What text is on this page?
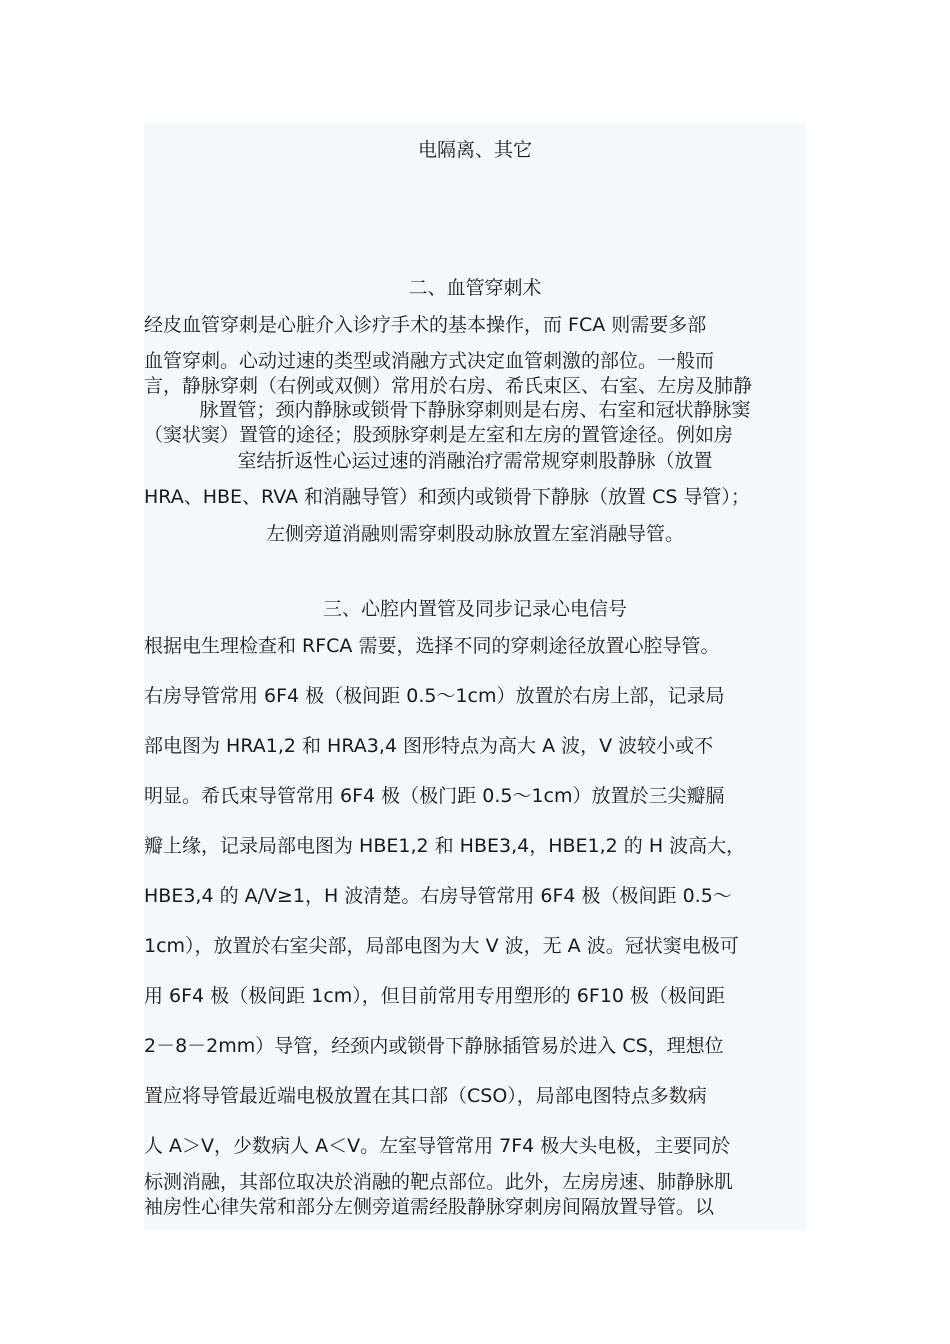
电隔离、其它
二、血管穿刺术
经皮血管穿刺是心脏介入诊疗手术的基本操作，而 FCA 则需要多部
血管穿刺。心动过速的类型或消融方式决定血管刺激的部位。一般而
言，静脉穿刺（右例或双侧）常用於右房、希氏束区、右室、左房及肺静
脉置管；颈内静脉或锁骨下静脉穿刺则是右房、右室和冠状静脉窦
（窦状窦）置管的途径；股颈脉穿刺是左室和左房的置管途径。例如房
室结折返性心运过速的消融治疗需常规穿刺股静脉（放置
HRA、HBE、RVA 和消融导管）和颈内或锁骨下静脉（放置 CS 导管）；
左侧旁道消融则需穿刺股动脉放置左室消融导管。
三、心腔内置管及同步记录心电信号
根据电生理检查和 RFCA 需要，选择不同的穿刺途径放置心腔导管。
右房导管常用 6F4 极（极间距 0.5～1cm）放置於右房上部，记录局
部电图为 HRA1,2 和 HRA3,4 图形特点为高大 A 波，V 波较小或不
明显。希氏束导管常用 6F4 极（极门距 0.5～1cm）放置於三尖瓣膈
瓣上缘，记录局部电图为 HBE1,2 和 HBE3,4，HBE1,2 的 H 波高大，
HBE3,4 的 A/V≥1，H 波清楚。右房导管常用 6F4 极（极间距 0.5～
1cm），放置於右室尖部，局部电图为大 V 波，无 A 波。冠状窦电极可
用 6F4 极（极间距 1cm），但目前常用专用塑形的 6F10 极（极间距
2－8－2mm）导管，经颈内或锁骨下静脉插管易於进入 CS，理想位
置应将导管最近端电极放置在其口部（CSO），局部电图特点多数病
人 A＞V，少数病人 A＜V。左室导管常用 7F4 极大头电极，主要同於
标测消融，其部位取决於消融的靶点部位。此外，左房房速、肺静脉肌
袖房性心律失常和部分左侧旁道需经股静脉穿刺房间隔放置导管。以
